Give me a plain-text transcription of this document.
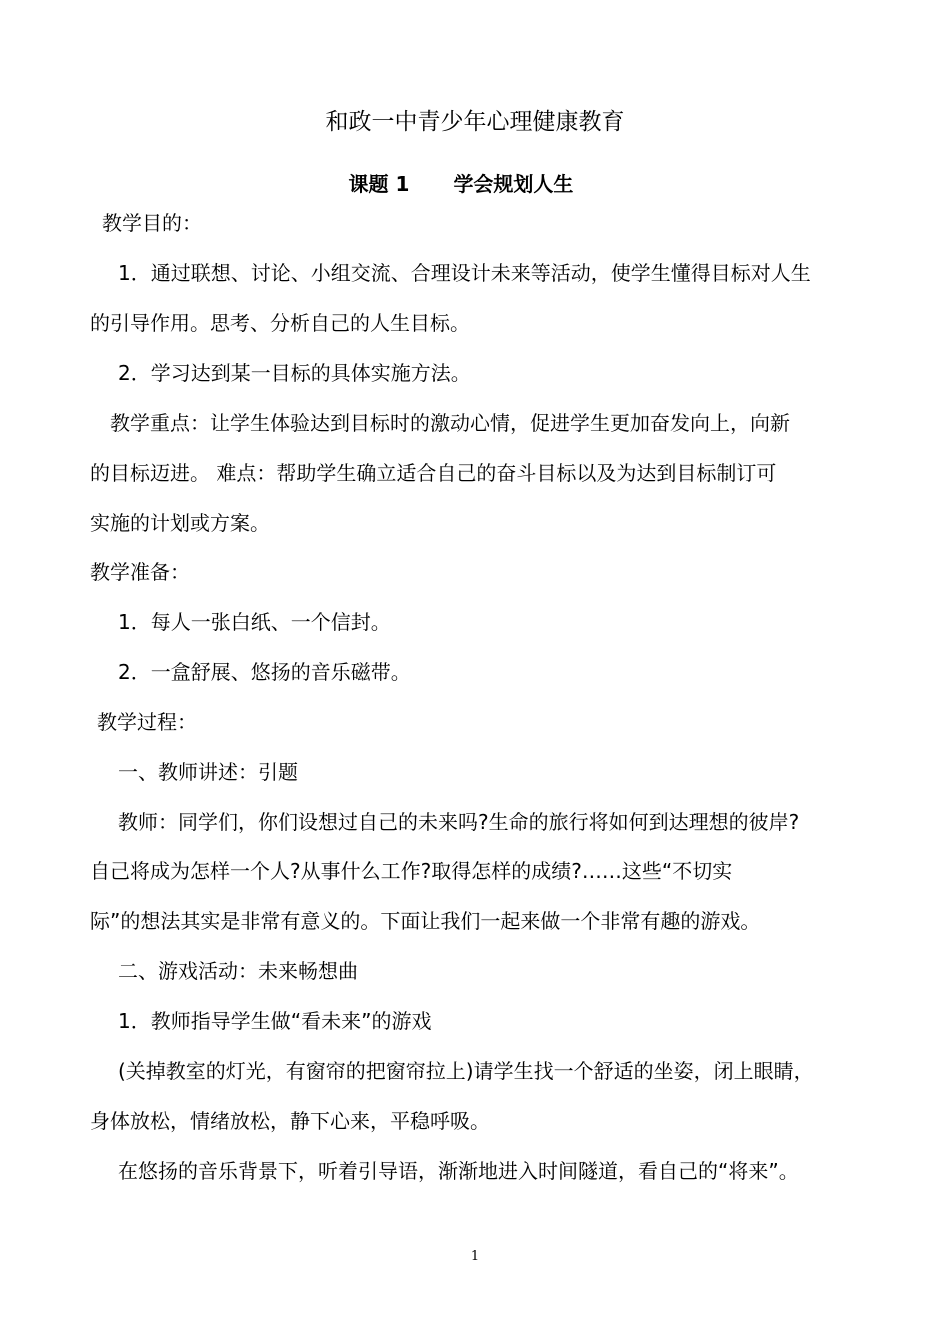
和政一中青少年心理健康教育
课题 1 学会规划人生
教学目的：
1．通过联想、讨论、小组交流、合理设计未来等活动，使学生懂得目标对人生
的引导作用。思考、分析自己的人生目标。
2．学习达到某一目标的具体实施方法。
教学重点：让学生体验达到目标时的激动心情，促进学生更加奋发向上，向新
的目标迈进。 难点：帮助学生确立适合自己的奋斗目标以及为达到目标制订可
实施的计划或方案。
教学准备：
1．每人一张白纸、一个信封。
2．一盒舒展、悠扬的音乐磁带。
教学过程：
一、教师讲述：引题
教师：同学们，你们设想过自己的未来吗?生命的旅行将如何到达理想的彼岸?
自己将成为怎样一个人?从事什么工作?取得怎样的成绩?……这些“不切实
际”的想法其实是非常有意义的。下面让我们一起来做一个非常有趣的游戏。
二、游戏活动：未来畅想曲
1．教师指导学生做“看未来”的游戏
(关掉教室的灯光，有窗帘的把窗帘拉上)请学生找一个舒适的坐姿，闭上眼睛，
身体放松，情绪放松，静下心来，平稳呼吸。
在悠扬的音乐背景下，听着引导语，渐渐地进入时间隧道，看自己的“将来”。
1
